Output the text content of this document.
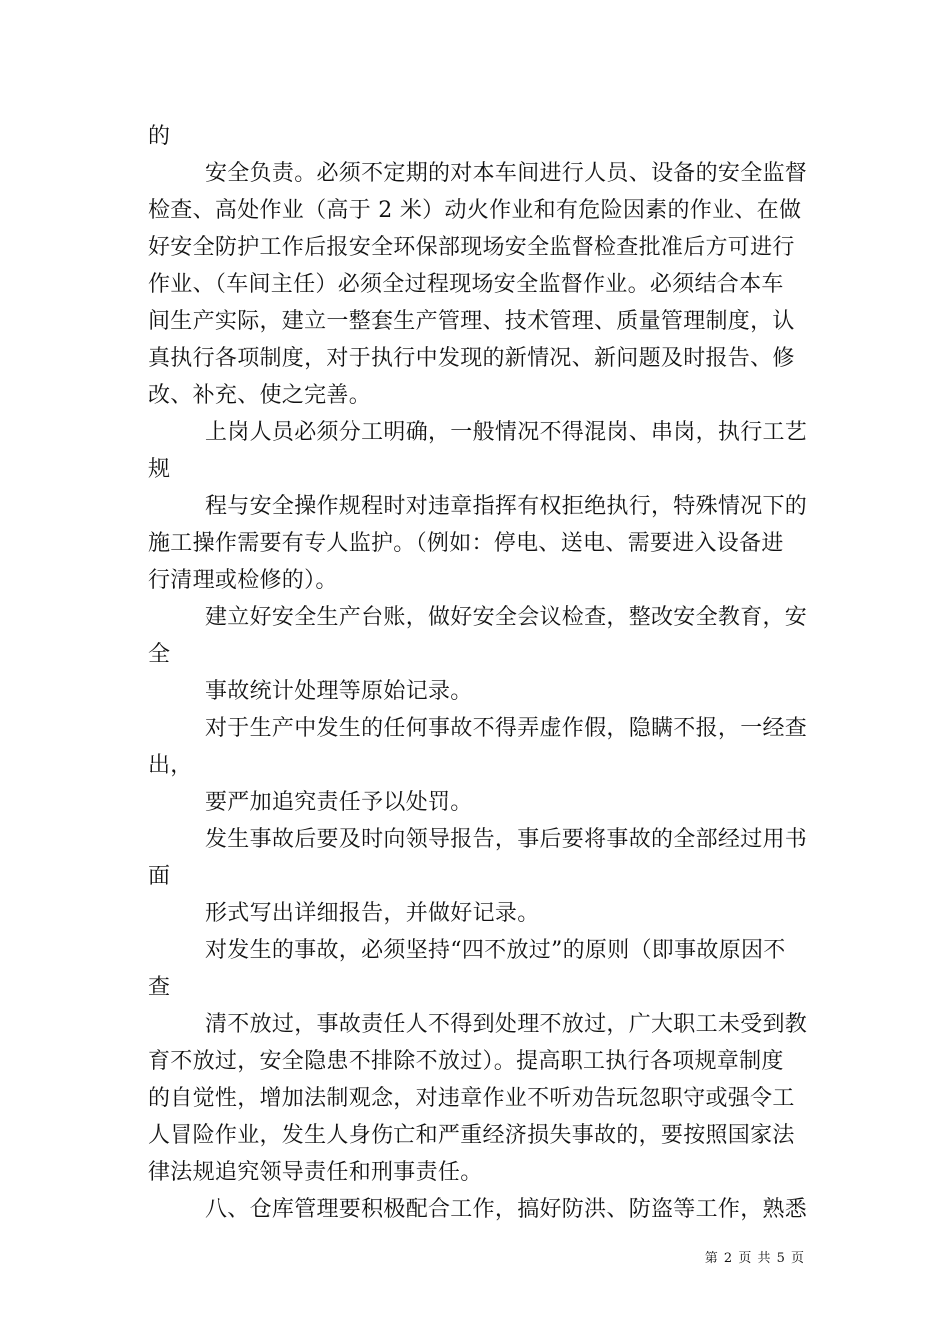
的
安全负责。必须不定期的对本车间进行人员、设备的安全监督
检查、高处作业（高于 2 米）动火作业和有危险因素的作业、在做
好安全防护工作后报安全环保部现场安全监督检查批准后方可进行
作业、（车间主任）必须全过程现场安全监督作业。必须结合本车
间生产实际，建立一整套生产管理、技术管理、质量管理制度，认
真执行各项制度，对于执行中发现的新情况、新问题及时报告、修
改、补充、使之完善。
上岗人员必须分工明确，一般情况不得混岗、串岗，执行工艺
规
程与安全操作规程时对违章指挥有权拒绝执行，特殊情况下的
施工操作需要有专人监护。（例如：停电、送电、需要进入设备进
行清理或检修的）。
建立好安全生产台账，做好安全会议检查，整改安全教育，安
全
事故统计处理等原始记录。
对于生产中发生的任何事故不得弄虚作假，隐瞒不报，一经查
出，
要严加追究责任予以处罚。
发生事故后要及时向领导报告，事后要将事故的全部经过用书
面
形式写出详细报告，并做好记录。
对发生的事故，必须坚持“四不放过”的原则（即事故原因不
查
清不放过，事故责任人不得到处理不放过，广大职工未受到教
育不放过，安全隐患不排除不放过）。提高职工执行各项规章制度
的自觉性，增加法制观念，对违章作业不听劝告玩忽职守或强令工
人冒险作业，发生人身伤亡和严重经济损失事故的，要按照国家法
律法规追究领导责任和刑事责任。
八、仓库管理要积极配合工作，搞好防洪、防盗等工作，熟悉
第 2 页 共 5 页
